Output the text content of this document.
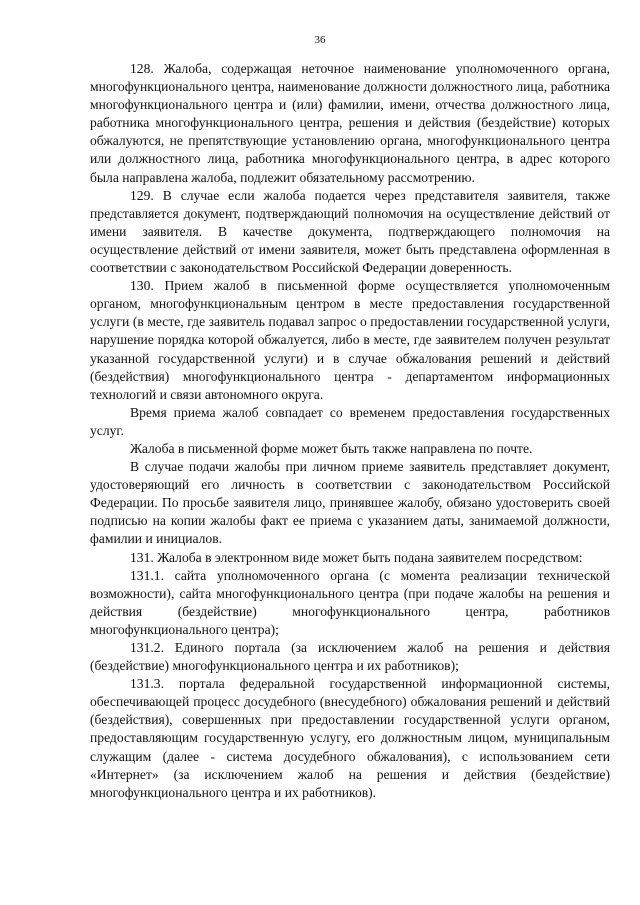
36

128. Жалоба, содержащая неточное наименование уполномоченного органа, многофункционального центра, наименование должности должностного лица, работника многофункционального центра и (или) фамилии, имени, отчества должностного лица, работника многофункционального центра, решения и действия (бездействие) которых обжалуются, не препятствующие установлению органа, многофункционального центра или должностного лица, работника многофункционального центра, в адрес которого была направлена жалоба, подлежит обязательному рассмотрению.

129. В случае если жалоба подается через представителя заявителя, также представляется документ, подтверждающий полномочия на осуществление действий от имени заявителя. В качестве документа, подтверждающего полномочия на осуществление действий от имени заявителя, может быть представлена оформленная в соответствии с законодательством Российской Федерации доверенность.

130. Прием жалоб в письменной форме осуществляется уполномоченным органом, многофункциональным центром в месте предоставления государственной услуги (в месте, где заявитель подавал запрос о предоставлении государственной услуги, нарушение порядка которой обжалуется, либо в месте, где заявителем получен результат указанной государственной услуги) и в случае обжалования решений и действий (бездействия) многофункционального центра - департаментом информационных технологий и связи автономного округа.

Время приема жалоб совпадает со временем предоставления государственных услуг.

Жалоба в письменной форме может быть также направлена по почте.

В случае подачи жалобы при личном приеме заявитель представляет документ, удостоверяющий его личность в соответствии с законодательством Российской Федерации. По просьбе заявителя лицо, принявшее жалобу, обязано удостоверить своей подписью на копии жалобы факт ее приема с указанием даты, занимаемой должности, фамилии и инициалов.

131. Жалоба в электронном виде может быть подана заявителем посредством:

131.1. сайта уполномоченного органа (с момента реализации технической возможности), сайта многофункционального центра (при подаче жалобы на решения и действия (бездействие) многофункционального центра, работников многофункционального центра);

131.2. Единого портала (за исключением жалоб на решения и действия (бездействие) многофункционального центра и их работников);

131.3. портала федеральной государственной информационной системы, обеспечивающей процесс досудебного (внесудебного) обжалования решений и действий (бездействия), совершенных при предоставлении государственной услуги органом, предоставляющим государственную услугу, его должностным лицом, муниципальным служащим (далее - система досудебного обжалования), с использованием сети «Интернет» (за исключением жалоб на решения и действия (бездействие) многофункционального центра и их работников).
